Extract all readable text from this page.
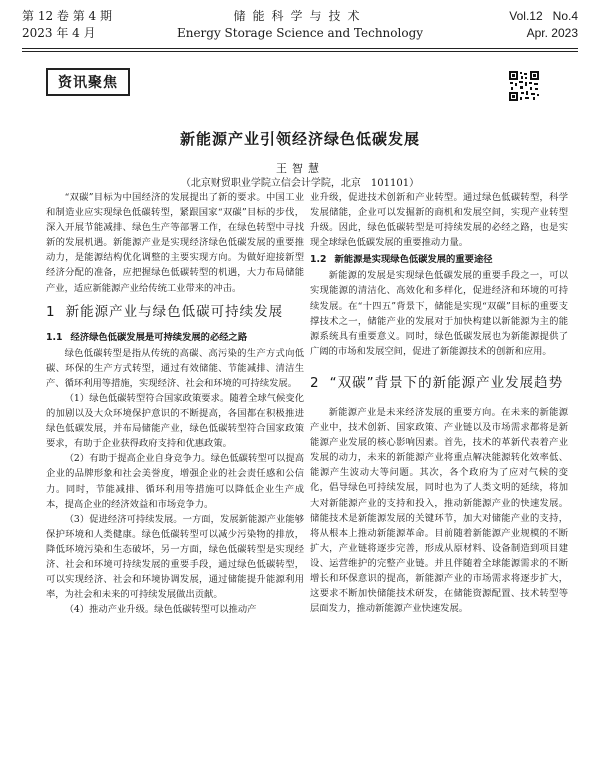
第 12 卷 第 4 期
2023 年 4 月
储能科学与技术
Energy Storage Science and Technology
Vol.12   No.4
Apr. 2023
资讯聚焦
新能源产业引领经济绿色低碳发展
王智慧
（北京财贸职业学院立信会计学院，北京　101101）

“双碳”目标为中国经济的发展提出了新的要求。中国工业和制造业应实现绿色低碳转型，紧跟国家“双碳”目标的步伐，深入开展节能减排、绿色生产等部署工作，在绿色转型中寻找新的发展机遇。新能源产业是实现经济绿色低碳发展的重要推动力，是能源结构优化调整的主要实现方向。为做好迎接新型经济分配的准备，应把握绿色低碳转型的机遇，大力布局储能产业，适应新能源产业给传统工业带来的冲击。

1 新能源产业与绿色低碳可持续发展
1.1 经济绿色低碳发展是可持续发展的必经之路

绿色低碳转型是指从传统的高碳、高污染的生产方式向低碳、环保的生产方式转型，通过有效储能、节能减排、清洁生产、循环利用等措施，实现经济、社会和环境的可持续发展。

（1）绿色低碳转型符合国家政策要求。随着全球气候变化的加剧以及大众环境保护意识的不断提高，各国都在积极推进绿色低碳发展，并布局储能产业，绿色低碳转型符合国家政策要求，有助于企业获得政府支持和优惠政策。

（2）有助于提高企业自身竞争力。绿色低碳转型可以提高企业的品牌形象和社会美誉度，增强企业的社会责任感和公信力。同时，节能减排、循环利用等措施可以降低企业生产成本，提高企业的经济效益和市场竞争力。

（3）促进经济可持续发展。一方面，发展新能源产业能够保护环境和人类健康。绿色低碳转型可以减少污染物的排放，降低环境污染和生态破坏，另一方面，绿色低碳转型是实现经济、社会和环境可持续发展的重要手段，通过绿色低碳转型，可以实现经济、社会和环境协调发展，通过储能提升能源利用率，为社会和未来的可持续发展做出贡献。

（4）推动产业升级。绿色低碳转型可以推动产

业升级，促进技术创新和产业转型。通过绿色低碳转型，科学发展储能，企业可以发掘新的商机和发展空间，实现产业转型升级。因此，绿色低碳转型是可持续发展的必经之路，也是实现全球绿色低碳发展的重要推动力量。

1.2 新能源是实现绿色低碳发展的重要途径

新能源的发展是实现绿色低碳发展的重要手段之一，可以实现能源的清洁化、高效化和多样化，促进经济和环境的可持续发展。在“十四五”背景下，储能是实现“双碳”目标的重要支撑技术之一，储能产业的发展对于加快构建以新能源为主的能源系统具有重要意义。同时，绿色低碳发展也为新能源提供了广阔的市场和发展空间，促进了新能源技术的创新和应用。

2 “双碳”背景下的新能源产业发展趋势

新能源产业是未来经济发展的重要方向。在未来的新能源产业中，技术创新、国家政策、产业链以及市场需求都将是新能源产业发展的核心影响因素。首先，技术的革新代表着产业发展的动力，未来的新能源产业将重点解决能源转化效率低、能源产生波动大等问题。其次，各个政府为了应对气候的变化，倡导绿色可持续发展，同时也为了人类文明的延续，将加大对新能源产业的支持和投入，推动新能源产业的快速发展。储能技术是新能源发展的关键环节，加大对储能产业的支持，将从根本上推动新能源革命。目前随着新能源产业规模的不断扩大，产业链将逐步完善，形成从原材料、设备制造到项目建设、运营维护的完整产业链。并且伴随着全球能源需求的不断增长和环保意识的提高，新能源产业的市场需求将逐步扩大，这要求不断加快储能技术研发，在储能资源配置、技术转型等层面发力，推动新能源产业快速发展。
